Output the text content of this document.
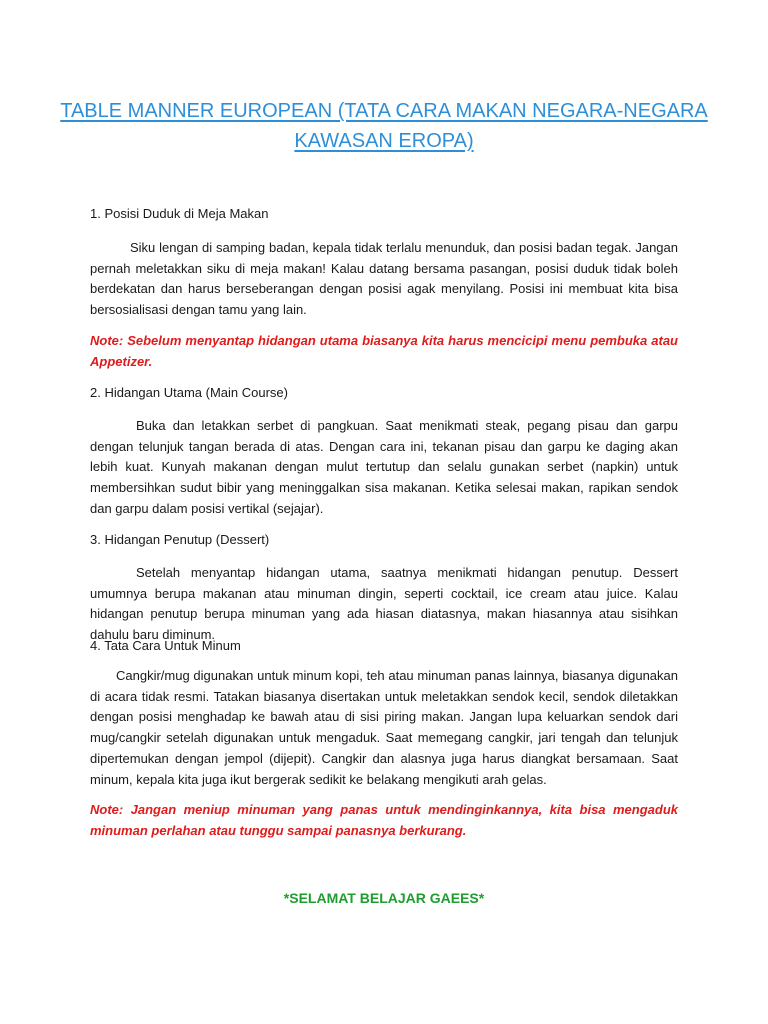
TABLE MANNER EUROPEAN (TATA CARA MAKAN NEGARA-NEGARA KAWASAN EROPA)
1. Posisi Duduk di Meja Makan
Siku lengan di samping badan, kepala tidak terlalu menunduk, dan posisi badan tegak. Jangan pernah meletakkan siku di meja makan! Kalau datang bersama pasangan, posisi duduk tidak boleh berdekatan dan harus berseberangan dengan posisi agak menyilang. Posisi ini membuat kita bisa bersosialisasi dengan tamu yang lain.
Note: Sebelum menyantap hidangan utama biasanya kita harus mencicipi menu pembuka atau Appetizer.
2. Hidangan Utama (Main Course)
Buka dan letakkan serbet di pangkuan. Saat menikmati steak, pegang pisau dan garpu dengan telunjuk tangan berada di atas. Dengan cara ini, tekanan pisau dan garpu ke daging akan lebih kuat. Kunyah makanan dengan mulut tertutup dan selalu gunakan serbet (napkin) untuk membersihkan sudut bibir yang meninggalkan sisa makanan. Ketika selesai makan, rapikan sendok dan garpu dalam posisi vertikal (sejajar).
3. Hidangan Penutup (Dessert)
Setelah menyantap hidangan utama, saatnya menikmati hidangan penutup. Dessert umumnya berupa makanan atau minuman dingin, seperti cocktail, ice cream atau juice. Kalau hidangan penutup berupa minuman yang ada hiasan diatasnya, makan hiasannya atau sisihkan dahulu baru diminum.
4. Tata Cara Untuk Minum
Cangkir/mug digunakan untuk minum kopi, teh atau minuman panas lainnya, biasanya digunakan di acara tidak resmi. Tatakan biasanya disertakan untuk meletakkan sendok kecil, sendok diletakkan dengan posisi menghadap ke bawah atau di sisi piring makan. Jangan lupa keluarkan sendok dari mug/cangkir setelah digunakan untuk mengaduk. Saat memegang cangkir, jari tengah dan telunjuk dipertemukan dengan jempol (dijepit). Cangkir dan alasnya juga harus diangkat bersamaan. Saat minum, kepala kita juga ikut bergerak sedikit ke belakang mengikuti arah gelas.
Note: Jangan meniup minuman yang panas untuk mendinginkannya, kita bisa mengaduk minuman perlahan atau tunggu sampai panasnya berkurang.
*SELAMAT BELAJAR GAEES*
